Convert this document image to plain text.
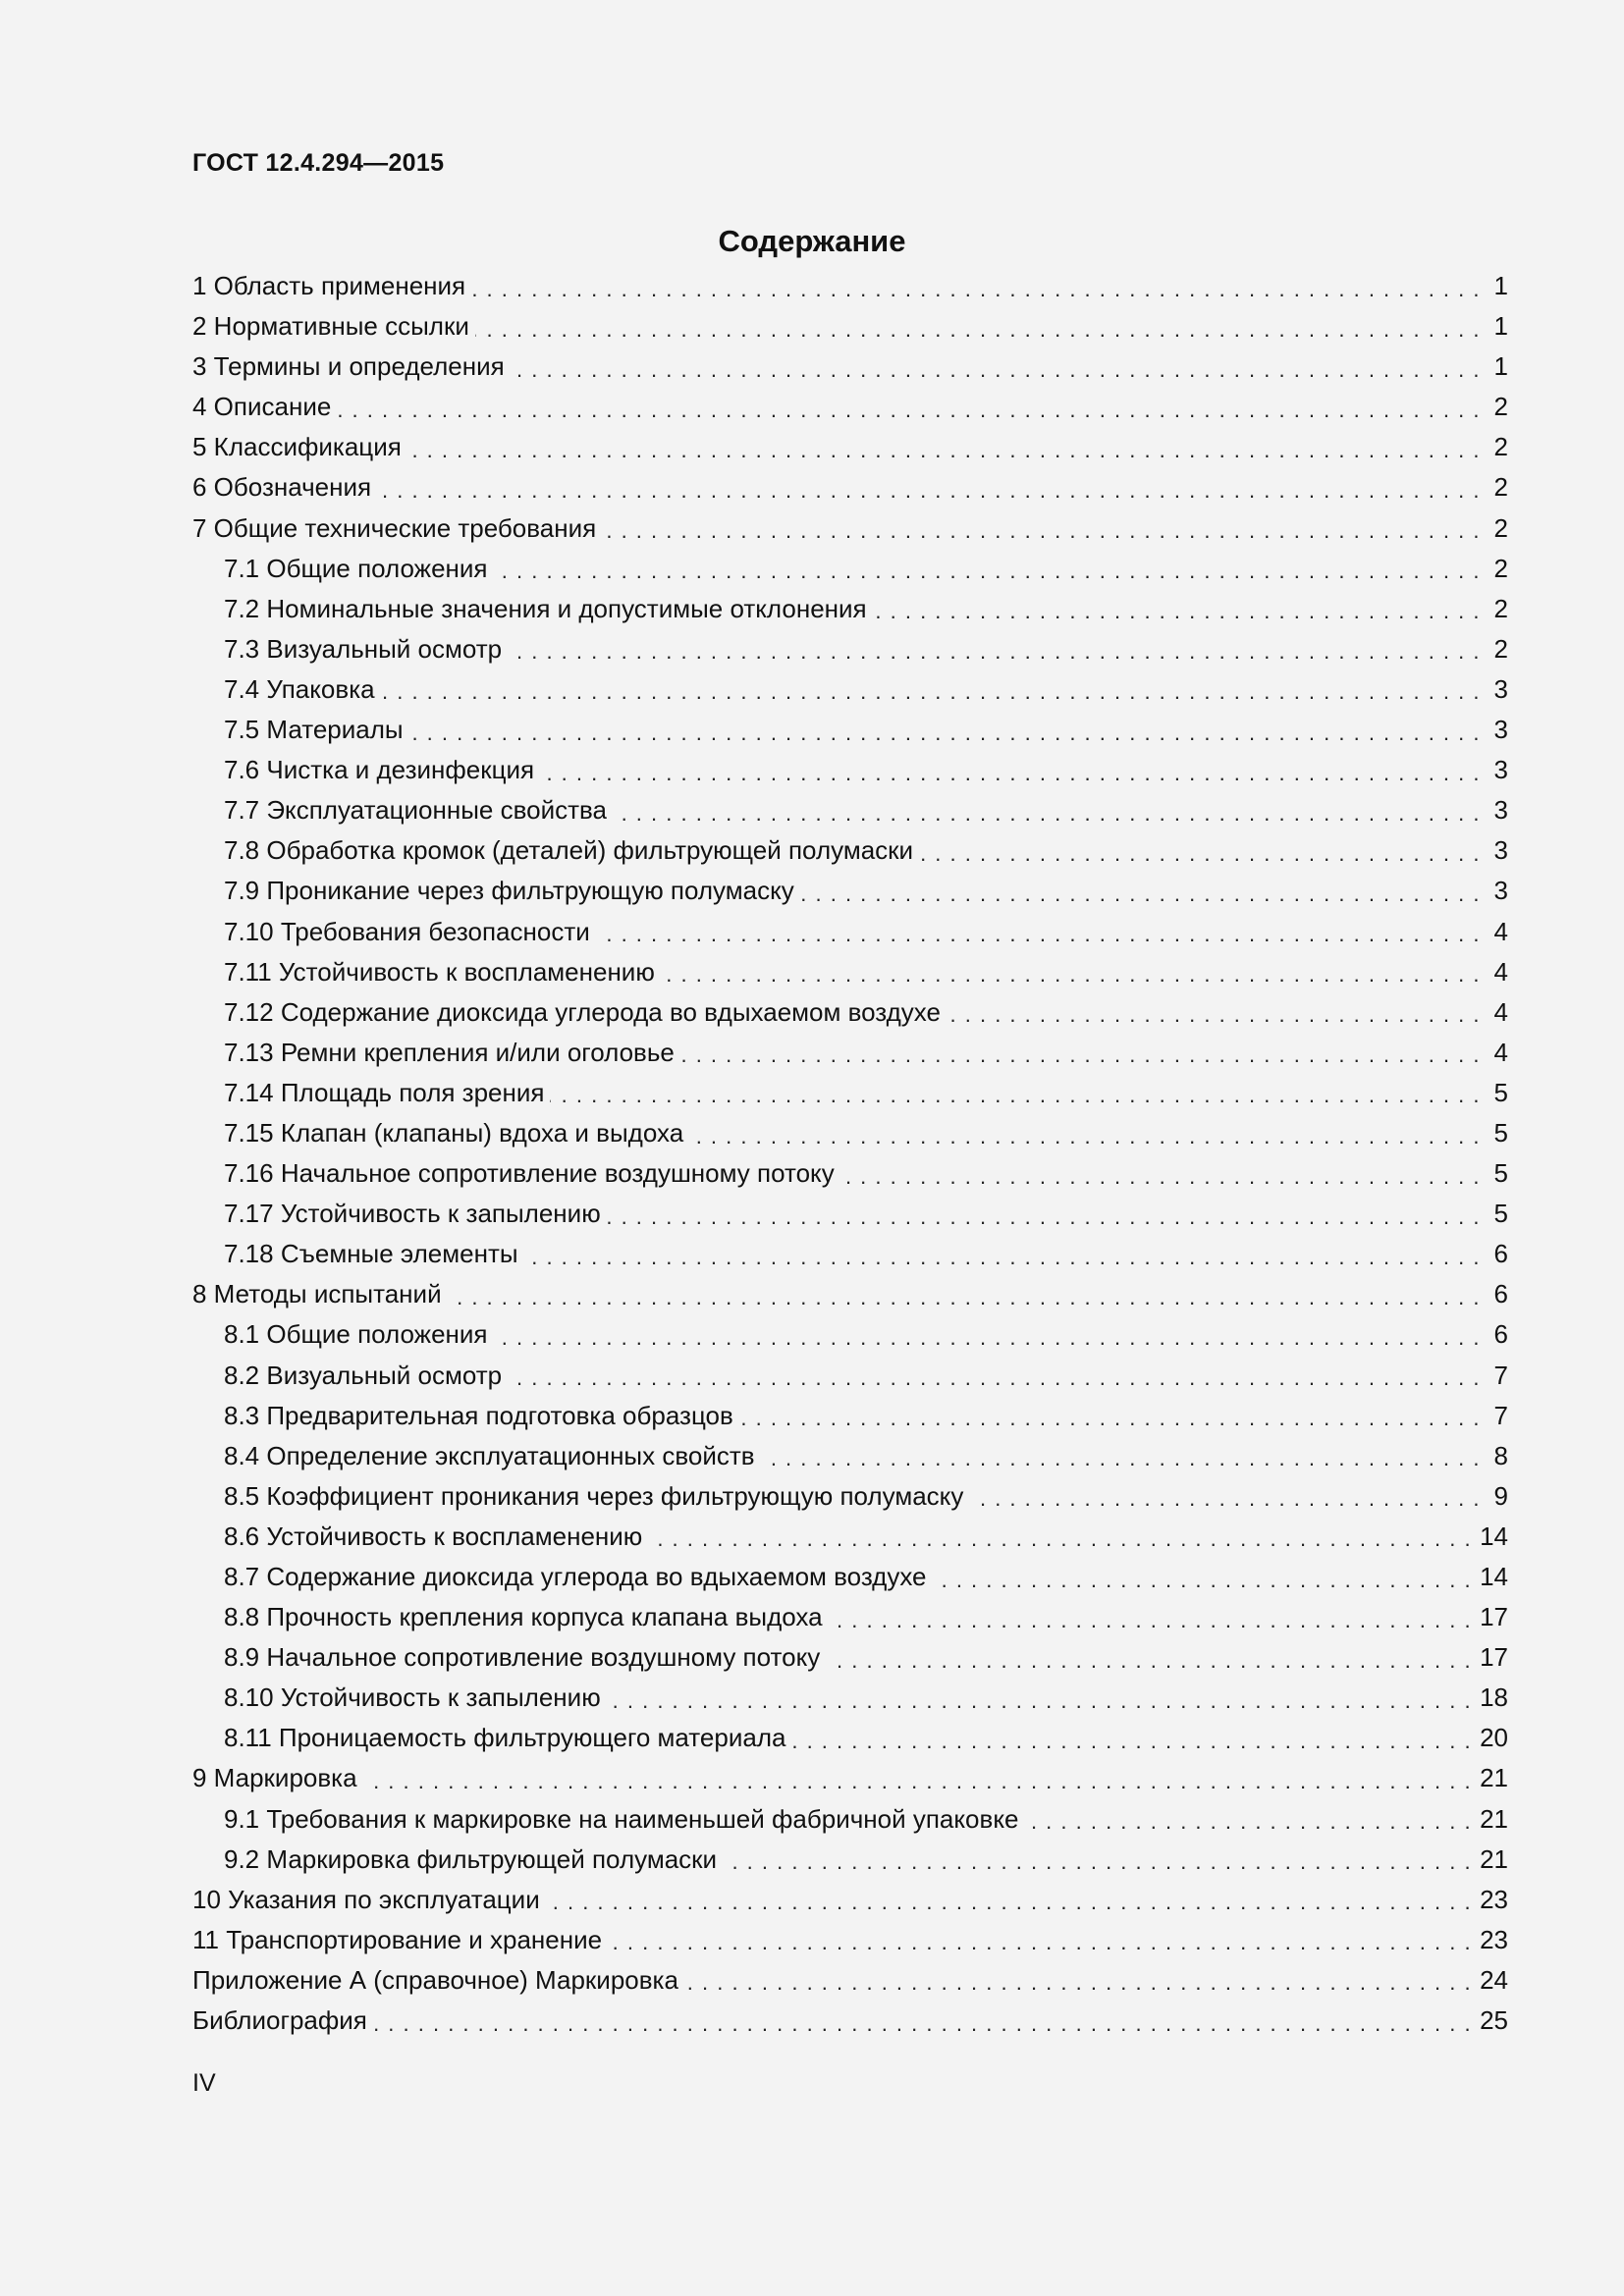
ГОСТ 12.4.294—2015
Содержание
1 Область применения . . .	1
2 Нормативные ссылки . . .	1
3 Термины и определения . . .	1
4 Описание . . .	2
5 Классификация . . .	2
6 Обозначения . . .	2
7 Общие технические требования . . .	2
7.1 Общие положения . . .	2
7.2 Номинальные значения и допустимые отклонения . . .	2
7.3 Визуальный осмотр . . .	2
7.4 Упаковка . . .	3
7.5 Материалы . . .	3
7.6 Чистка и дезинфекция . . .	3
7.7 Эксплуатационные свойства . . .	3
7.8 Обработка кромок (деталей) фильтрующей полумаски . . .	3
7.9 Проникание через фильтрующую полумаску . . .	3
7.10 Требования безопасности . . .	4
7.11 Устойчивость к воспламенению . . .	4
7.12 Содержание диоксида углерода во вдыхаемом воздухе . . .	4
7.13 Ремни крепления и/или оголовье . . .	4
7.14 Площадь поля зрения . . .	5
7.15 Клапан (клапаны) вдоха и выдоха . . .	5
7.16 Начальное сопротивление воздушному потоку . . .	5
7.17 Устойчивость к запылению . . .	5
7.18 Съемные элементы . . .	6
8 Методы испытаний . . .	6
8.1 Общие положения . . .	6
8.2 Визуальный осмотр . . .	7
8.3 Предварительная подготовка образцов . . .	7
8.4 Определение эксплуатационных свойств . . .	8
8.5 Коэффициент проникания через фильтрующую полумаску . . .	9
8.6 Устойчивость к воспламенению . . .	14
8.7 Содержание диоксида углерода во вдыхаемом воздухе . . .	14
8.8 Прочность крепления корпуса клапана выдоха . . .	17
8.9 Начальное сопротивление воздушному потоку . . .	17
8.10 Устойчивость к запылению . . .	18
8.11 Проницаемость фильтрующего материала . . .	20
9 Маркировка . . .	21
9.1 Требования к маркировке на наименьшей фабричной упаковке . . .	21
9.2 Маркировка фильтрующей полумаски . . .	21
10 Указания по эксплуатации . . .	23
11 Транспортирование и хранение . . .	23
Приложение А (справочное) Маркировка . . .	24
Библиография . . .	25
IV
